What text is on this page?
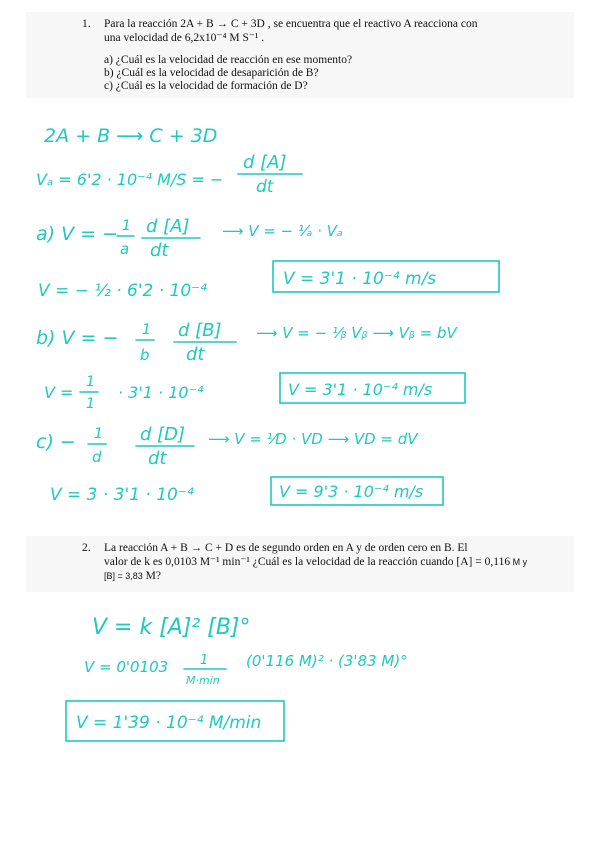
1. Para la reacción 2A + B → C + 3D , se encuentra que el reactivo A reacciona con
una velocidad de 6,2x10⁻⁴ M S⁻¹ .
a) ¿Cuál es la velocidad de reacción en ese momento?
b) ¿Cuál es la velocidad de desaparición de B?
c) ¿Cuál es la velocidad de formación de D?
2. La reacción A + B → C + D es de segundo orden en A y de orden cero en B. El
valor de k es 0,0103 M⁻¹ min⁻¹ ¿Cuál es la velocidad de la reacción cuando [A] = 0,116 M y
[B] = 3,83 M?
2A + B ⟶ C + 3D
Vₐ = 6'2 · 10⁻⁴ M/S = −
d [A]
dt
a) V = − 1
a
d [A]
dt
⟶ V = − ¹⁄ₐ · Vₐ
V = − ½ · 6'2 · 10⁻⁴
V = 3'1 · 10⁻⁴ m/s
b) V = − 1
b
d [B]
dt
⟶ V = − ¹⁄ᵦ Vᵦ ⟶ Vᵦ = bV
V =
1
1
· 3'1 · 10⁻⁴	V = 3'1 · 10⁻⁴ m/s
c) − 1
d
d [D]
dt
⟶ V = ¹⁄D · VD ⟶ VD = dV
V = 3 · 3'1 · 10⁻⁴	V = 9'3 · 10⁻⁴ m/s
V = k [A]² [B]°
V = 0'0103 1
M·min
(0'116 M)² · (3'83 M)°
V = 1'39 · 10⁻⁴ M/min
